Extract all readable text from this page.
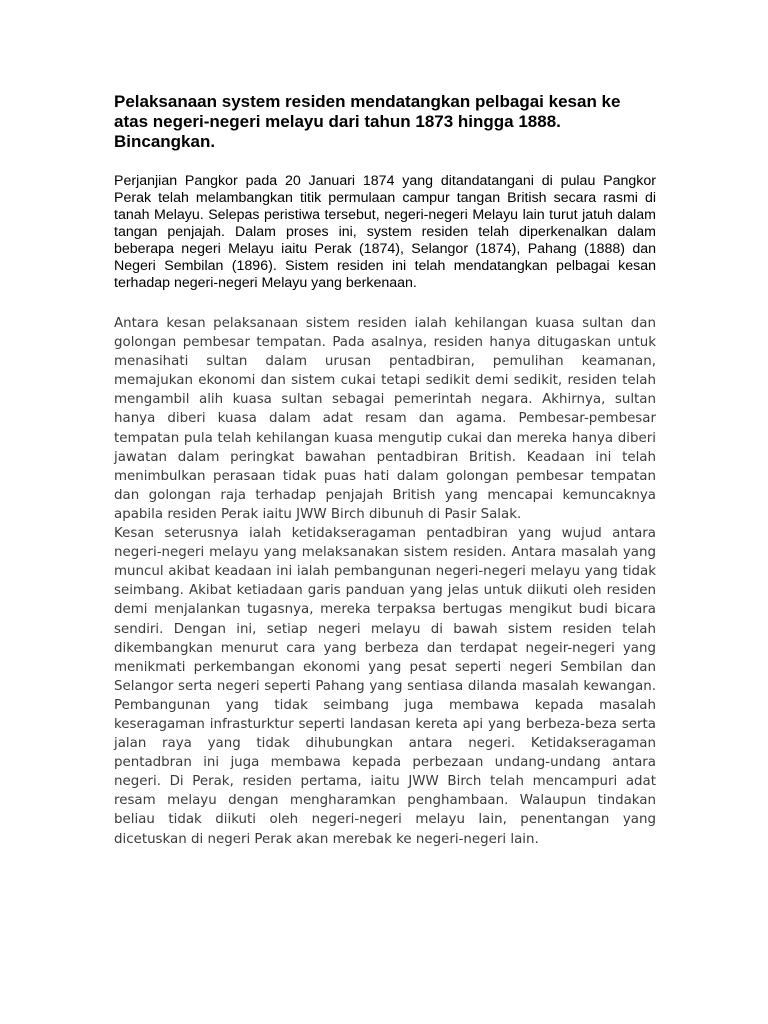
Pelaksanaan system residen mendatangkan pelbagai kesan ke atas negeri-negeri melayu dari tahun 1873 hingga 1888. Bincangkan.
Perjanjian Pangkor pada 20 Januari 1874 yang ditandatangani di pulau Pangkor Perak telah melambangkan titik permulaan campur tangan British secara rasmi di tanah Melayu. Selepas peristiwa tersebut, negeri-negeri Melayu lain turut jatuh dalam tangan penjajah. Dalam proses ini, system residen telah diperkenalkan dalam beberapa negeri Melayu iaitu Perak (1874), Selangor (1874), Pahang (1888) dan Negeri Sembilan (1896). Sistem residen ini telah mendatangkan pelbagai kesan terhadap negeri-negeri Melayu yang berkenaan.

Antara kesan pelaksanaan sistem residen ialah kehilangan kuasa sultan dan golongan pembesar tempatan. Pada asalnya, residen hanya ditugaskan untuk menasihati sultan dalam urusan pentadbiran, pemulihan keamanan, memajukan ekonomi dan sistem cukai tetapi sedikit demi sedikit, residen telah mengambil alih kuasa sultan sebagai pemerintah negara. Akhirnya, sultan hanya diberi kuasa dalam adat resam dan agama. Pembesar-pembesar tempatan pula telah kehilangan kuasa mengutip cukai dan mereka hanya diberi jawatan dalam peringkat bawahan pentadbiran British. Keadaan ini telah menimbulkan perasaan tidak puas hati dalam golongan pembesar tempatan dan golongan raja terhadap penjajah British yang mencapai kemuncaknya apabila residen Perak iaitu JWW Birch dibunuh di Pasir Salak.

Kesan seterusnya ialah ketidakseragaman pentadbiran yang wujud antara negeri-negeri melayu yang melaksanakan sistem residen. Antara masalah yang muncul akibat keadaan ini ialah pembangunan negeri-negeri melayu yang tidak seimbang. Akibat ketiadaan garis panduan yang jelas untuk diikuti oleh residen demi menjalankan tugasnya, mereka terpaksa bertugas mengikut budi bicara sendiri. Dengan ini, setiap negeri melayu di bawah sistem residen telah dikembangkan menurut cara yang berbeza dan terdapat negeir-negeri yang menikmati perkembangan ekonomi yang pesat seperti negeri Sembilan dan Selangor serta negeri seperti Pahang yang sentiasa dilanda masalah kewangan. Pembangunan yang tidak seimbang juga membawa kepada masalah keseragaman infrasturktur seperti landasan kereta api yang berbeza-beza serta jalan raya yang tidak dihubungkan antara negeri. Ketidakseragaman pentadbran ini juga membawa kepada perbezaan undang-undang antara negeri. Di Perak, residen pertama, iaitu JWW Birch telah mencampuri adat resam melayu dengan mengharamkan penghambaan. Walaupun tindakan beliau tidak diikuti oleh negeri-negeri melayu lain, penentangan yang dicetuskan di negeri Perak akan merebak ke negeri-negeri lain.
